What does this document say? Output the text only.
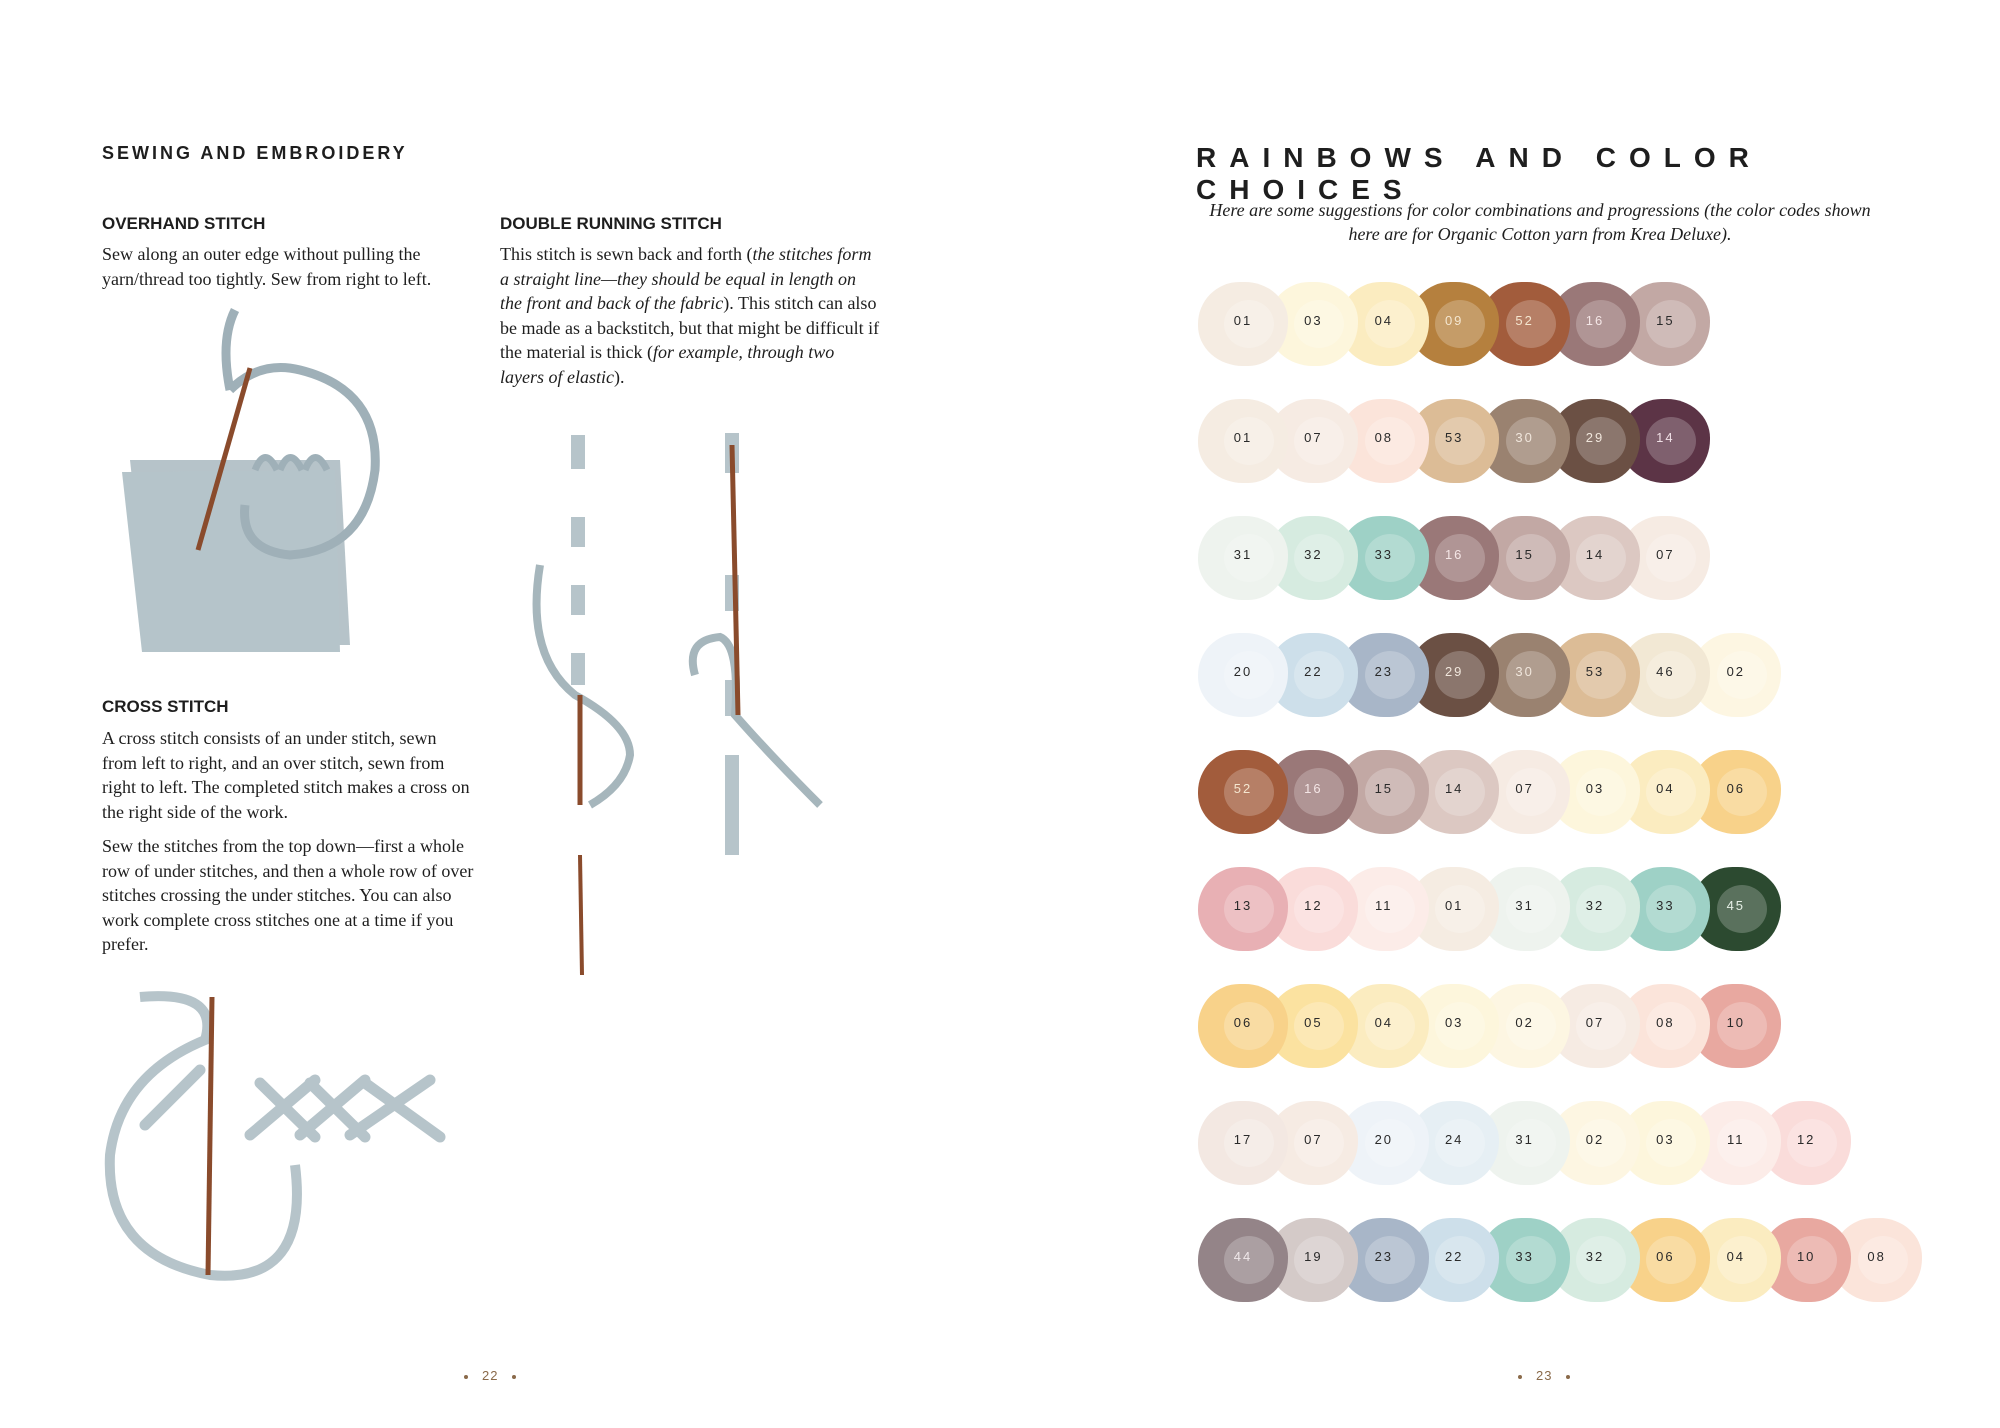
SEWING AND EMBROIDERY
OVERHAND STITCH

Sew along an outer edge without pulling the yarn/thread too tightly. Sew from right to left.

DOUBLE RUNNING STITCH

This stitch is sewn back and forth (the stitches form a straight line—they should be equal in length on the front and back of the fabric). This stitch can also be made as a backstitch, but that might be difficult if the material is thick (for example, through two layers of elastic).

CROSS STITCH

A cross stitch consists of an under stitch, sewn from left to right, and an over stitch, sewn from right to left. The completed stitch makes a cross on the right side of the work.

Sew the stitches from the top down—first a whole row of under stitches, and then a whole row of over stitches crossing the under stitches. You can also work complete cross stitches one at a time if you prefer.

22
RAINBOWS AND COLOR CHOICES
Here are some suggestions for color combinations and progressions (the color codes shown here are for Organic Cotton yarn from Krea Deluxe).
01	03	04	09	52	16	15
01	07	08	53	30	29	14
31	32	33	16	15	14	07
20	22	23	29	30	53	46	02
52	16	15	14	07	03	04	06
13	12	11	01	31	32	33	45
06	05	04	03	02	07	08	10
17	07	20	24	31	02	03	11	12
44	19	23	22	33	32	06	04	10	08
23
